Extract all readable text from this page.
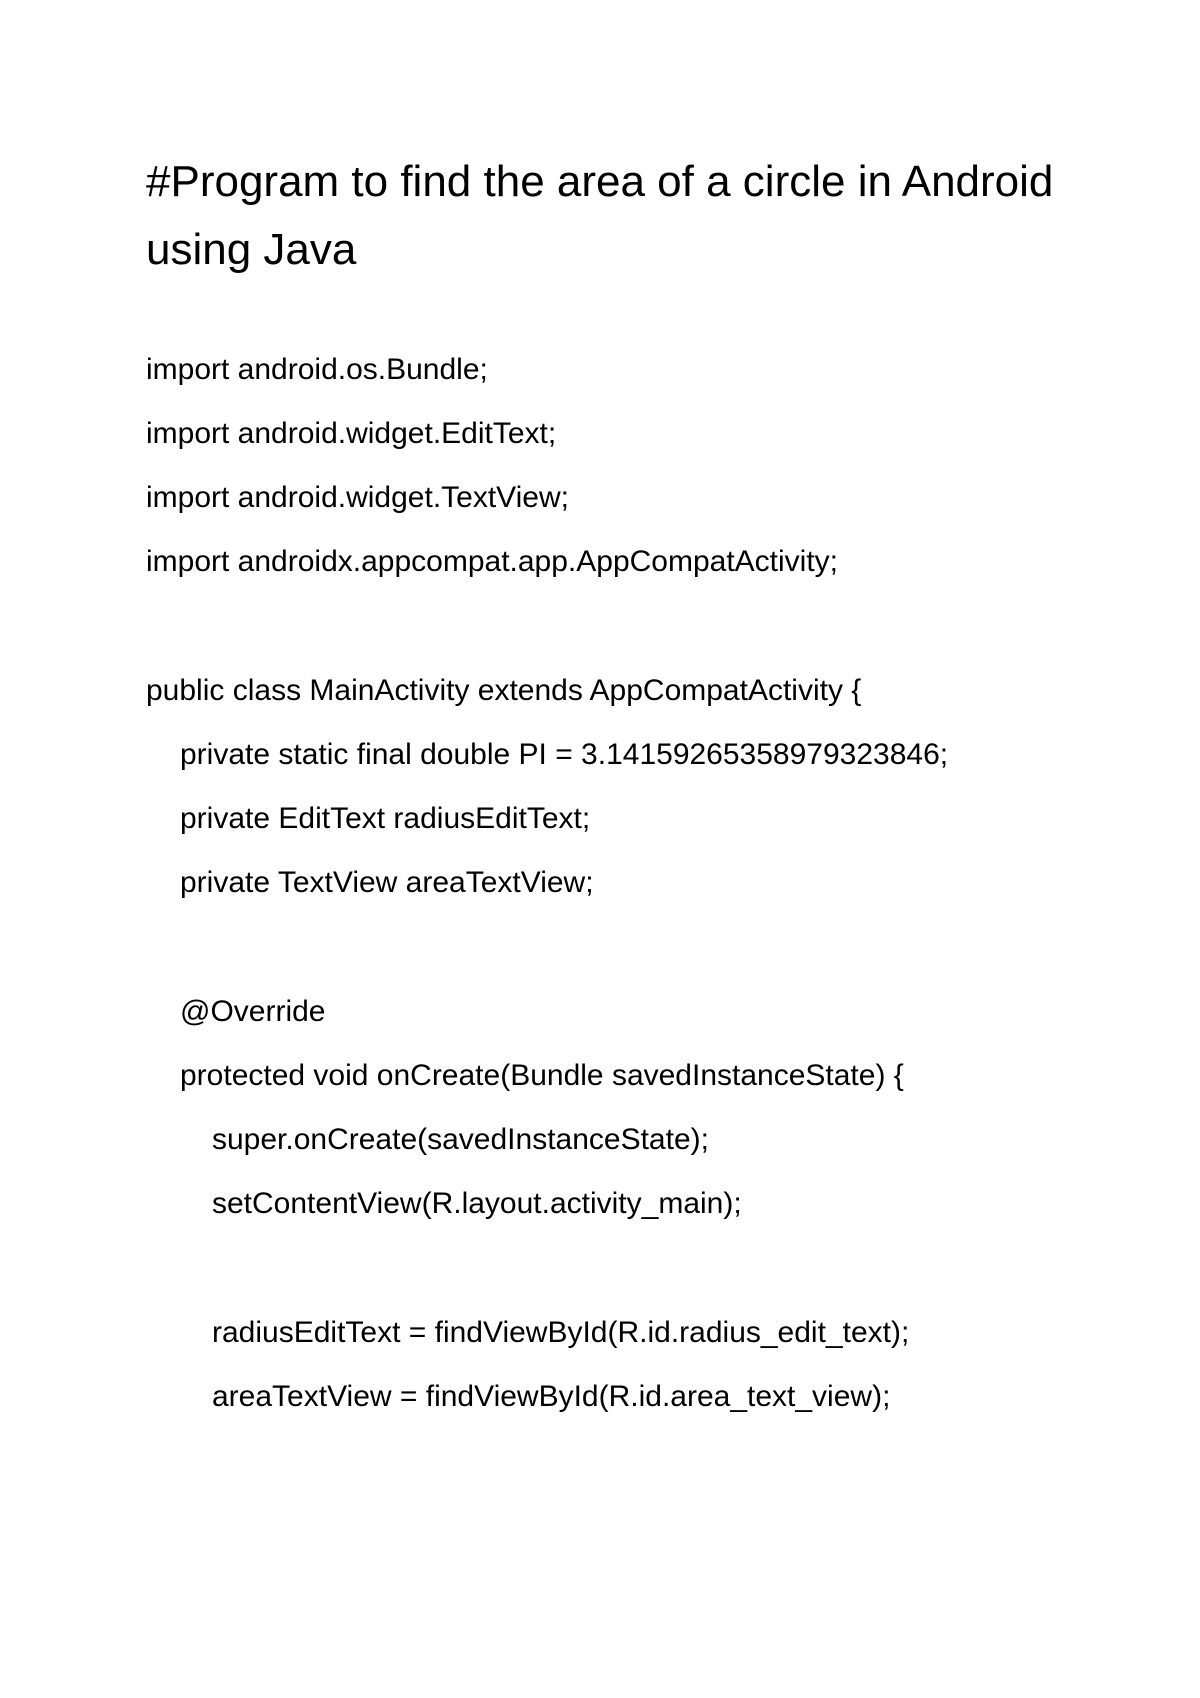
#Program to find the area of a circle in Android using Java
import android.os.Bundle;
import android.widget.EditText;
import android.widget.TextView;
import androidx.appcompat.app.AppCompatActivity;
public class MainActivity extends AppCompatActivity {
private static final double PI = 3.14159265358979323846;
private EditText radiusEditText;
private TextView areaTextView;
@Override
protected void onCreate(Bundle savedInstanceState) {
super.onCreate(savedInstanceState);
setContentView(R.layout.activity_main);
radiusEditText = findViewById(R.id.radius_edit_text);
areaTextView = findViewById(R.id.area_text_view);
